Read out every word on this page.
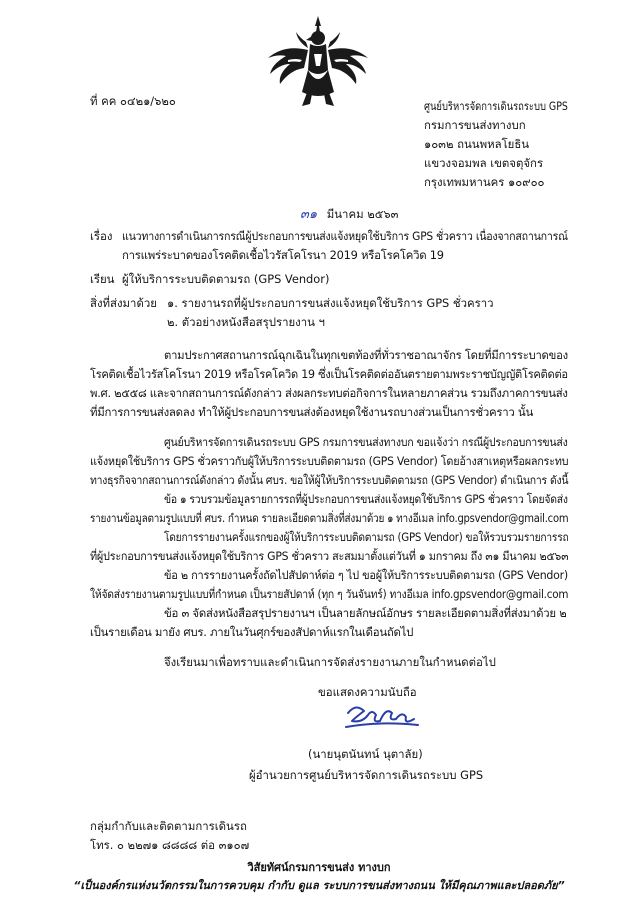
ที่ คค ๐๔๒๑/๖๒๐	ศูนย์บริหารจัดการเดินรถระบบ GPS
กรมการขนส่งทางบก
๑๐๓๒ ถนนพหลโยธิน
แขวงจอมพล เขตจตุจักร
กรุงเทพมหานคร ๑๐๙๐๐
๓๑ มีนาคม ๒๕๖๓
เรื่อง แนวทางการดำเนินการกรณีผู้ประกอบการขนส่งแจ้งหยุดใช้บริการ GPS ชั่วคราว เนื่องจากสถานการณ์
การแพร่ระบาดของโรคติดเชื้อไวรัสโคโรนา 2019 หรือโรคโควิด 19
เรียน ผู้ให้บริการระบบติดตามรถ (GPS Vendor)
สิ่งที่ส่งมาด้วย ๑. รายงานรถที่ผู้ประกอบการขนส่งแจ้งหยุดใช้บริการ GPS ชั่วคราว
๒. ตัวอย่างหนังสือสรุปรายงาน ฯ
ตามประกาศสถานการณ์ฉุกเฉินในทุกเขตท้องที่ทั่วราชอาณาจักร โดยที่มีการระบาดของ
โรคติดเชื้อไวรัสโคโรนา 2019 หรือโรคโควิด 19 ซึ่งเป็นโรคติดต่ออันตรายตามพระราชบัญญัติโรคติดต่อ
พ.ศ. ๒๕๕๘ และจากสถานการณ์ดังกล่าว ส่งผลกระทบต่อกิจการในหลายภาคส่วน รวมถึงภาคการขนส่ง
ที่มีการการขนส่งลดลง ทำให้ผู้ประกอบการขนส่งต้องหยุดใช้งานรถบางส่วนเป็นการชั่วคราว นั้น
ศูนย์บริหารจัดการเดินรถระบบ GPS กรมการขนส่งทางบก ขอแจ้งว่า กรณีผู้ประกอบการขนส่ง
แจ้งหยุดใช้บริการ GPS ชั่วคราวกับผู้ให้บริการระบบติดตามรถ (GPS Vendor) โดยอ้างสาเหตุหรือผลกระทบ
ทางธุรกิจจากสถานการณ์ดังกล่าว ดังนั้น ศบร. ขอให้ผู้ให้บริการระบบติดตามรถ (GPS Vendor) ดำเนินการ ดังนี้
ข้อ ๑ รวบรวมข้อมูลรายการรถที่ผู้ประกอบการขนส่งแจ้งหยุดใช้บริการ GPS ชั่วคราว โดยจัดส่ง
รายงานข้อมูลตามรูปแบบที่ ศบร. กำหนด รายละเอียดตามสิ่งที่ส่งมาด้วย ๑ ทางอีเมล info.gpsvendor@gmail.com
โดยการรายงานครั้งแรกของผู้ให้บริการระบบติดตามรถ (GPS Vendor) ขอให้รวบรวมรายการรถ
ที่ผู้ประกอบการขนส่งแจ้งหยุดใช้บริการ GPS ชั่วคราว สะสมมาตั้งแต่วันที่ ๑ มกราคม ถึง ๓๑ มีนาคม ๒๕๖๓
ข้อ ๒ การรายงานครั้งถัดไปสัปดาห์ต่อ ๆ ไป ขอผู้ให้บริการระบบติดตามรถ (GPS Vendor)
ให้จัดส่งรายงานตามรูปแบบที่กำหนด เป็นรายสัปดาห์ (ทุก ๆ วันจันทร์) ทางอีเมล info.gpsvendor@gmail.com
ข้อ ๓ จัดส่งหนังสือสรุปรายงานฯ เป็นลายลักษณ์อักษร รายละเอียดตามสิ่งที่ส่งมาด้วย ๒
เป็นรายเดือน มายัง ศบร. ภายในวันศุกร์ของสัปดาห์แรกในเดือนถัดไป
จึงเรียนมาเพื่อทราบและดำเนินการจัดส่งรายงานภายในกำหนดต่อไป
ขอแสดงความนับถือ
(นายนุตนันทน์ นุตาลัย)
ผู้อำนวยการศูนย์บริหารจัดการเดินรถระบบ GPS
กลุ่มกำกับและติดตามการเดินรถ
โทร. ๐ ๒๒๗๑ ๘๘๘๘ ต่อ ๓๑๐๗
วิสัยทัศน์กรมการขนส่ง ทางบก
“เป็นองค์กรแห่งนวัตกรรมในการควบคุม กำกับ ดูแล ระบบการขนส่งทางถนน ให้มีคุณภาพและปลอดภัย”
